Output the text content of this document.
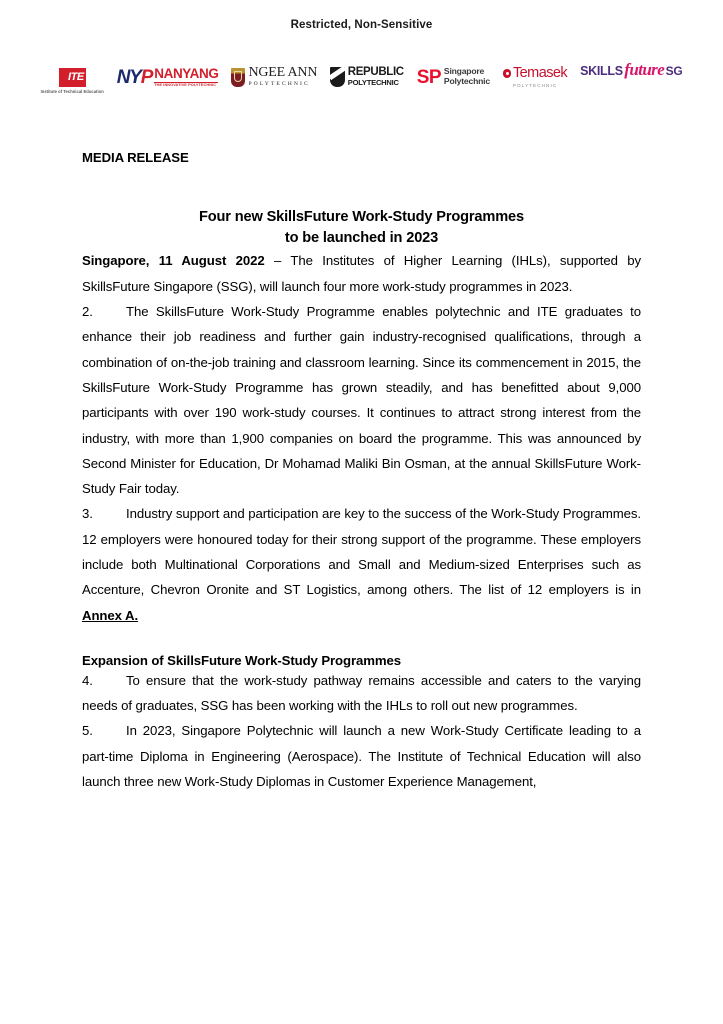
Restricted, Non-Sensitive
ITE
Institute of Technical Education
NYP NANYANG
THE INNOVATIVE POLYTECHNIC
NGEE ANN
POLYTECHNIC
REPUBLIC
POLYTECHNIC SP Singapore
Polytechnic Temasek
POLYTECHNIC
SKILLS future SG
MEDIA RELEASE
Four new SkillsFuture Work-Study Programmes
to be launched in 2023

Singapore, 11 August 2022 – The Institutes of Higher Learning (IHLs), supported by SkillsFuture Singapore (SSG), will launch four more work-study programmes in 2023.

2.	The SkillsFuture Work-Study Programme enables polytechnic and ITE graduates to enhance their job readiness and further gain industry-recognised qualifications, through a combination of on-the-job training and classroom learning. Since its commencement in 2015, the SkillsFuture Work-Study Programme has grown steadily, and has benefitted about 9,000 participants with over 190 work-study courses. It continues to attract strong interest from the industry, with more than 1,900 companies on board the programme. This was announced by Second Minister for Education, Dr Mohamad Maliki Bin Osman, at the annual SkillsFuture Work-Study Fair today.

3.	Industry support and participation are key to the success of the Work-Study Programmes. 12 employers were honoured today for their strong support of the programme. These employers include both Multinational Corporations and Small and Medium-sized Enterprises such as Accenture, Chevron Oronite and ST Logistics, among others. The list of 12 employers is in Annex A.

Expansion of SkillsFuture Work-Study Programmes

4.	To ensure that the work-study pathway remains accessible and caters to the varying needs of graduates, SSG has been working with the IHLs to roll out new programmes.

5.	In 2023, Singapore Polytechnic will launch a new Work-Study Certificate leading to a part-time Diploma in Engineering (Aerospace). The Institute of Technical Education will also launch three new Work-Study Diplomas in Customer Experience Management,
